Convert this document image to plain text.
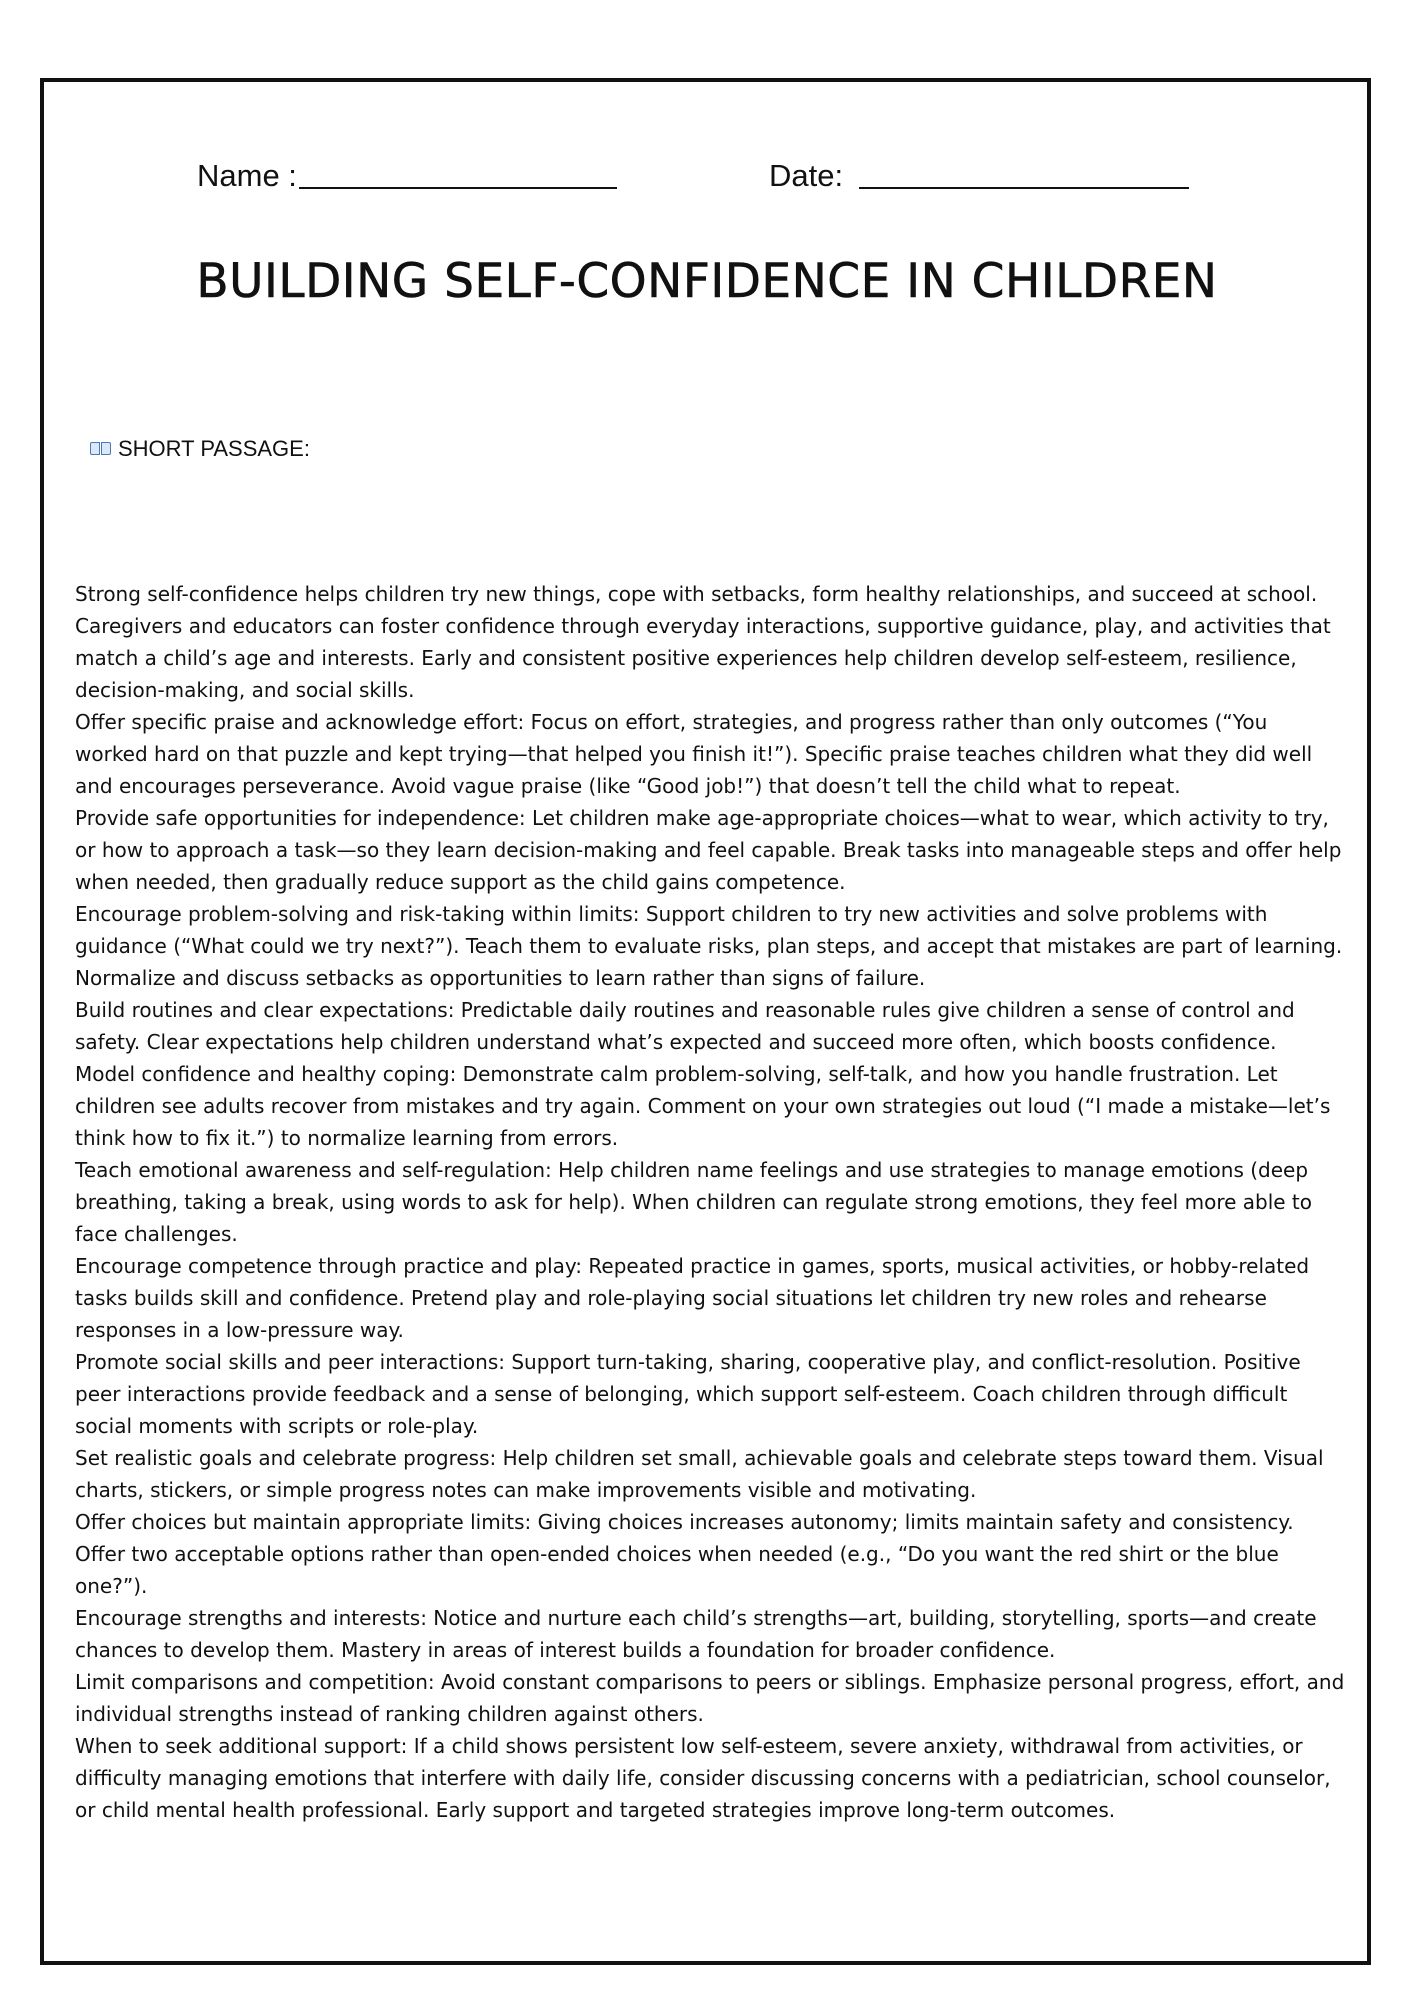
Name :	Date:
BUILDING SELF-CONFIDENCE IN CHILDREN
SHORT PASSAGE:

Strong self-confidence helps children try new things, cope with setbacks, form healthy relationships, and succeed at school. Caregivers and educators can foster confidence through everyday interactions, supportive guidance, play, and activities that match a child’s age and interests. Early and consistent positive experiences help children develop self-esteem, resilience, decision-making, and social skills.

Offer specific praise and acknowledge effort: Focus on effort, strategies, and progress rather than only outcomes (“You worked hard on that puzzle and kept trying—that helped you finish it!”). Specific praise teaches children what they did well and encourages perseverance. Avoid vague praise (like “Good job!”) that doesn’t tell the child what to repeat.

Provide safe opportunities for independence: Let children make age-appropriate choices—what to wear, which activity to try, or how to approach a task—so they learn decision-making and feel capable. Break tasks into manageable steps and offer help when needed, then gradually reduce support as the child gains competence.

Encourage problem-solving and risk-taking within limits: Support children to try new activities and solve problems with guidance (“What could we try next?”). Teach them to evaluate risks, plan steps, and accept that mistakes are part of learning. Normalize and discuss setbacks as opportunities to learn rather than signs of failure.

Build routines and clear expectations: Predictable daily routines and reasonable rules give children a sense of control and safety. Clear expectations help children understand what’s expected and succeed more often, which boosts confidence.

Model confidence and healthy coping: Demonstrate calm problem-solving, self-talk, and how you handle frustration. Let children see adults recover from mistakes and try again. Comment on your own strategies out loud (“I made a mistake—let’s think how to fix it.”) to normalize learning from errors.

Teach emotional awareness and self-regulation: Help children name feelings and use strategies to manage emotions (deep breathing, taking a break, using words to ask for help). When children can regulate strong emotions, they feel more able to face challenges.

Encourage competence through practice and play: Repeated practice in games, sports, musical activities, or hobby-related tasks builds skill and confidence. Pretend play and role-playing social situations let children try new roles and rehearse responses in a low-pressure way.

Promote social skills and peer interactions: Support turn-taking, sharing, cooperative play, and conflict-resolution. Positive peer interactions provide feedback and a sense of belonging, which support self-esteem. Coach children through difficult social moments with scripts or role-play.

Set realistic goals and celebrate progress: Help children set small, achievable goals and celebrate steps toward them. Visual charts, stickers, or simple progress notes can make improvements visible and motivating.

Offer choices but maintain appropriate limits: Giving choices increases autonomy; limits maintain safety and consistency. Offer two acceptable options rather than open-ended choices when needed (e.g., “Do you want the red shirt or the blue one?”).

Encourage strengths and interests: Notice and nurture each child’s strengths—art, building, storytelling, sports—and create chances to develop them. Mastery in areas of interest builds a foundation for broader confidence.

Limit comparisons and competition: Avoid constant comparisons to peers or siblings. Emphasize personal progress, effort, and individual strengths instead of ranking children against others.

When to seek additional support: If a child shows persistent low self-esteem, severe anxiety, withdrawal from activities, or difficulty managing emotions that interfere with daily life, consider discussing concerns with a pediatrician, school counselor, or child mental health professional. Early support and targeted strategies improve long-term outcomes.
